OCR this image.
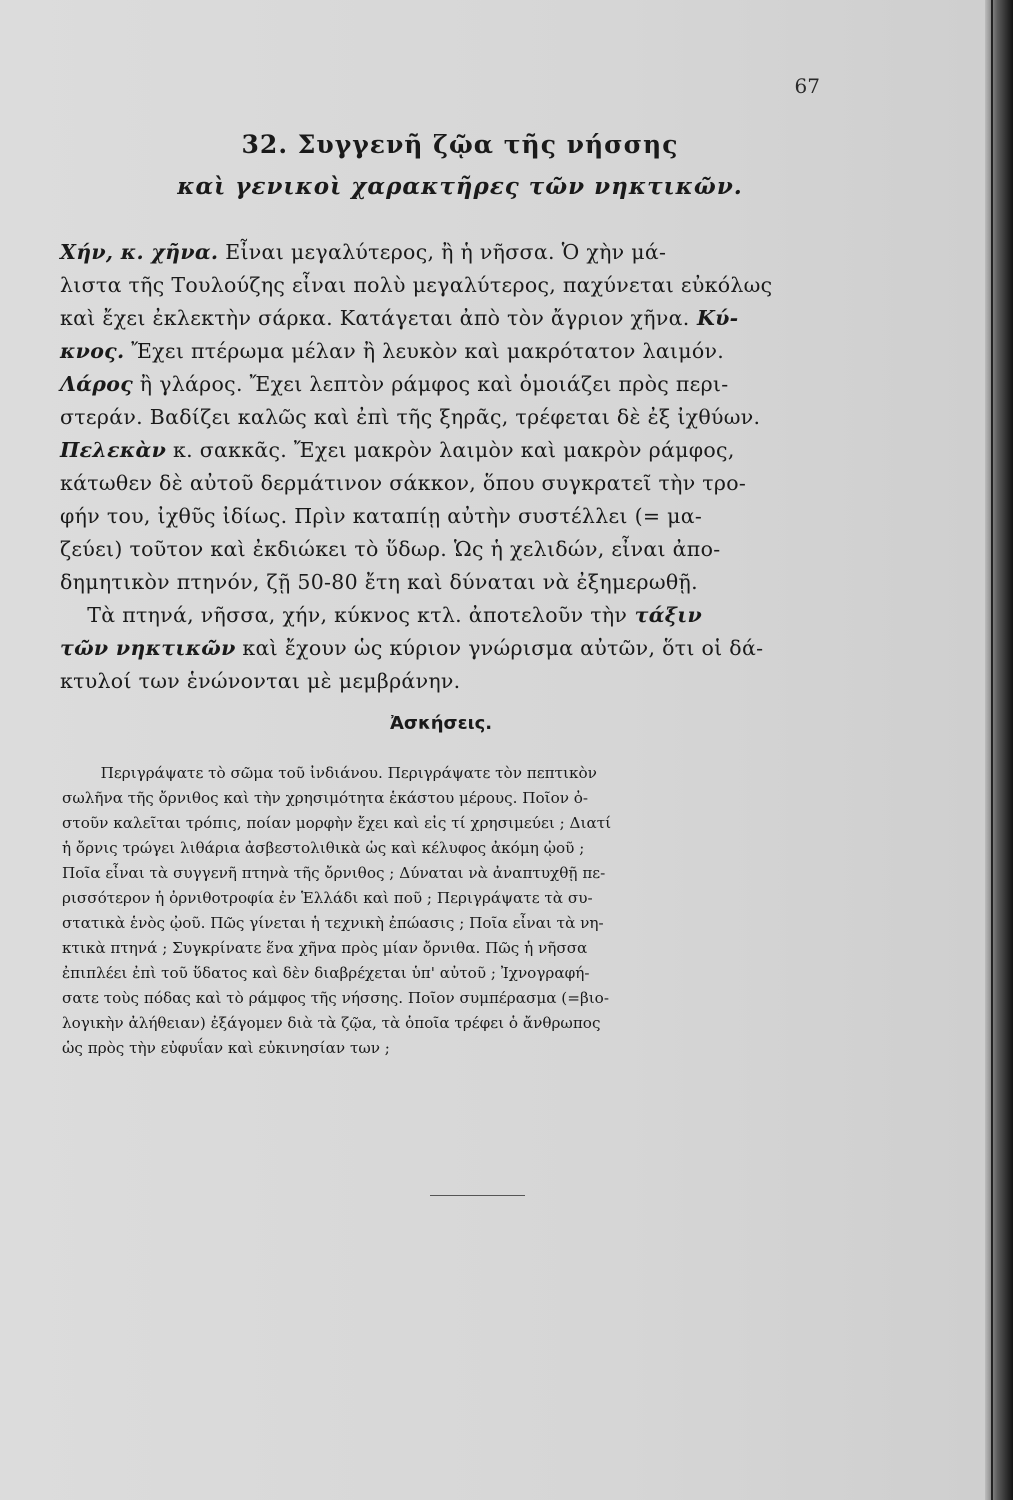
67
32. Συγγενῆ ζῷα τῆς νήσσης
καὶ γενικοὶ χαρακτῆρες τῶν νηκτικῶν.
Χήν, κ. χῆνα. Εἶναι μεγαλύτερος, ἢ ἡ νῆσσα. Ὁ χὴν μά-
λιστα τῆς Τουλούζης εἶναι πολὺ μεγαλύτερος, παχύνεται εὐκόλως
καὶ ἔχει ἐκλεκτὴν σάρκα. Κατάγεται ἀπὸ τὸν ἄγριον χῆνα. Κύ-
κνος. Ἔχει πτέρωμα μέλαν ἢ λευκὸν καὶ μακρότατον λαιμόν.
Λάρος ἢ γλάρος. Ἔχει λεπτὸν ράμφος καὶ ὁμοιάζει πρὸς περι-
στεράν. Βαδίζει καλῶς καὶ ἐπὶ τῆς ξηρᾶς, τρέφεται δὲ ἐξ ἰχθύων.
Πελεκὰν κ. σακκᾶς. Ἔχει μακρὸν λαιμὸν καὶ μακρὸν ράμφος,
κάτωθεν δὲ αὐτοῦ δερμάτινον σάκκον, ὅπου συγκρατεῖ τὴν τρο-
φήν του, ἰχθῦς ἰδίως. Πρὶν καταπίῃ αὐτὴν συστέλλει (= μα-
ζεύει) τοῦτον καὶ ἐκδιώκει τὸ ὕδωρ. Ὡς ἡ χελιδών, εἶναι ἀπο-
δημητικὸν πτηνόν, ζῇ 50-80 ἔτη καὶ δύναται νὰ ἐξημερωθῇ.
Τὰ πτηνά, νῆσσα, χήν, κύκνος κτλ. ἀποτελοῦν τὴν τάξιν
τῶν νηκτικῶν καὶ ἔχουν ὡς κύριον γνώρισμα αὐτῶν, ὅτι οἱ δά-
κτυλοί των ἑνώνονται μὲ μεμβράνην.
Ἀσκήσεις.
Περιγράψατε τὸ σῶμα τοῦ ἰνδιάνου. Περιγράψατε τὸν πεπτικὸν
σωλῆνα τῆς ὄρνιθος καὶ τὴν χρησιμότητα ἑκάστου μέρους. Ποῖον ὀ-
στοῦν καλεῖται τρόπις, ποίαν μορφὴν ἔχει καὶ εἰς τί χρησιμεύει ; Διατί
ἡ ὄρνις τρώγει λιθάρια ἀσβεστολιθικὰ ὡς καὶ κέλυφος ἀκόμη ᾠοῦ ;
Ποῖα εἶναι τὰ συγγενῆ πτηνὰ τῆς ὄρνιθος ; Δύναται νὰ ἀναπτυχθῇ πε-
ρισσότερον ἡ ὀρνιθοτροφία ἐν Ἑλλάδι καὶ ποῦ ; Περιγράψατε τὰ συ-
στατικὰ ἑνὸς ᾠοῦ. Πῶς γίνεται ἡ τεχνικὴ ἐπώασις ; Ποῖα εἶναι τὰ νη-
κτικὰ πτηνά ; Συγκρίνατε ἕνα χῆνα πρὸς μίαν ὄρνιθα. Πῶς ἡ νῆσσα
ἐπιπλέει ἐπὶ τοῦ ὕδατος καὶ δὲν διαβρέχεται ὑπ' αὐτοῦ ; Ἰχνογραφή-
σατε τοὺς πόδας καὶ τὸ ράμφος τῆς νήσσης. Ποῖον συμπέρασμα (=βιο-
λογικὴν ἀλήθειαν) ἐξάγομεν διὰ τὰ ζῷα, τὰ ὁποῖα τρέφει ὁ ἄνθρωπος
ὡς πρὸς τὴν εὐφυΐαν καὶ εὐκινησίαν των ;
